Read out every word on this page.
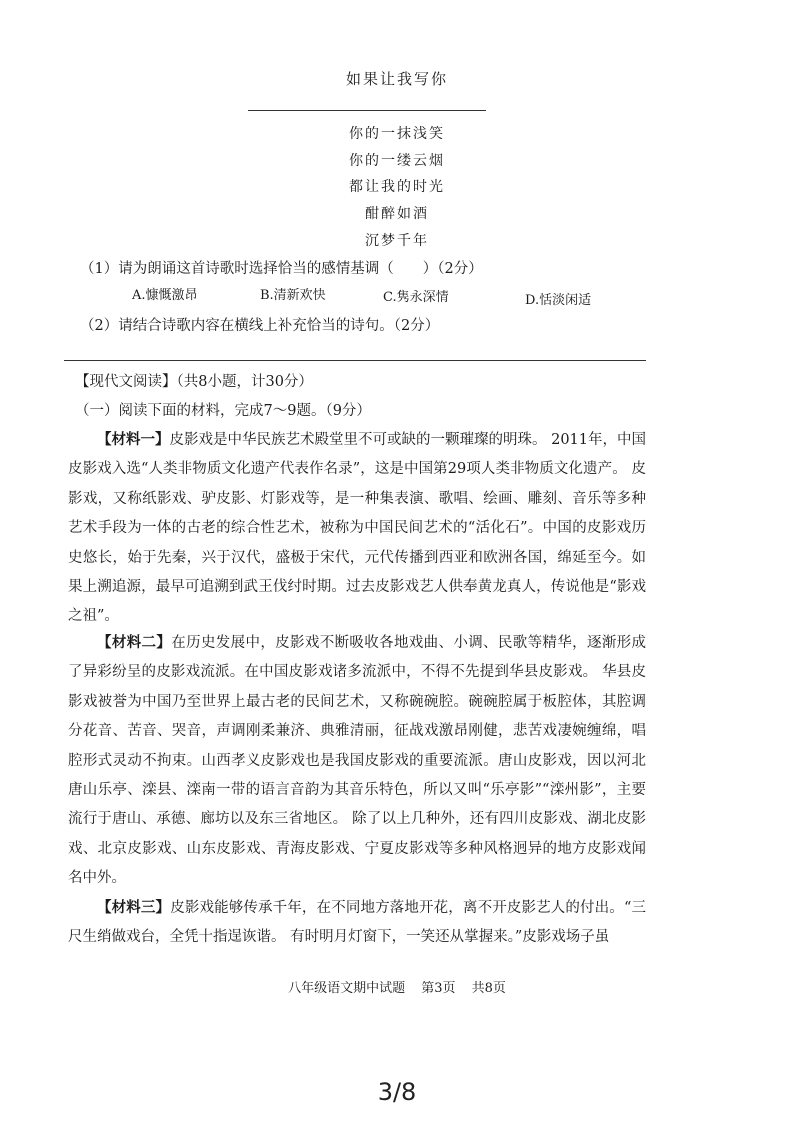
如果让我写你
你的一抹浅笑
你的一缕云烟
都让我的时光
酣醉如酒
沉梦千年
（1）请为朗诵这首诗歌时选择恰当的感情基调（　　）（2分）
A.慷慨激昂	B.清新欢快	C.隽永深情	D.恬淡闲适
（2）请结合诗歌内容在横线上补充恰当的诗句。（2分）
【现代文阅读】（共8小题，计30分）
（一）阅读下面的材料，完成7～9题。（9分）
【材料一】皮影戏是中华民族艺术殿堂里不可或缺的一颗璀璨的明珠。 2011年，中国皮影戏入选“人类非物质文化遗产代表作名录”，这是中国第29项人类非物质文化遗产。 皮影戏，又称纸影戏、驴皮影、灯影戏等，是一种集表演、歌唱、绘画、雕刻、音乐等多种艺术手段为一体的古老的综合性艺术，被称为中国民间艺术的“活化石”。中国的皮影戏历史悠长，始于先秦，兴于汉代，盛极于宋代，元代传播到西亚和欧洲各国，绵延至今。如果上溯追源，最早可追溯到武王伐纣时期。过去皮影戏艺人供奉黄龙真人，传说他是“影戏之祖”。
【材料二】在历史发展中，皮影戏不断吸收各地戏曲、小调、民歌等精华，逐渐形成了异彩纷呈的皮影戏流派。在中国皮影戏诸多流派中，不得不先提到华县皮影戏。 华县皮影戏被誉为中国乃至世界上最古老的民间艺术，又称碗碗腔。碗碗腔属于板腔体，其腔调分花音、苦音、哭音，声调刚柔兼济、典雅清丽，征战戏激昂刚健，悲苦戏凄婉缠绵，唱腔形式灵动不拘束。山西孝义皮影戏也是我国皮影戏的重要流派。唐山皮影戏，因以河北唐山乐亭、滦县、滦南一带的语言音韵为其音乐特色，所以又叫“乐亭影”“滦州影”，主要流行于唐山、承德、廊坊以及东三省地区。 除了以上几种外，还有四川皮影戏、湖北皮影戏、北京皮影戏、山东皮影戏、青海皮影戏、宁夏皮影戏等多种风格迥异的地方皮影戏闻名中外。
【材料三】皮影戏能够传承千年，在不同地方落地开花，离不开皮影艺人的付出。“三尺生绡做戏台，全凭十指逞诙谐。 有时明月灯窗下，一笑还从掌握来。”皮影戏场子虽
八年级语文期中试题 第3页 共8页
3/8
